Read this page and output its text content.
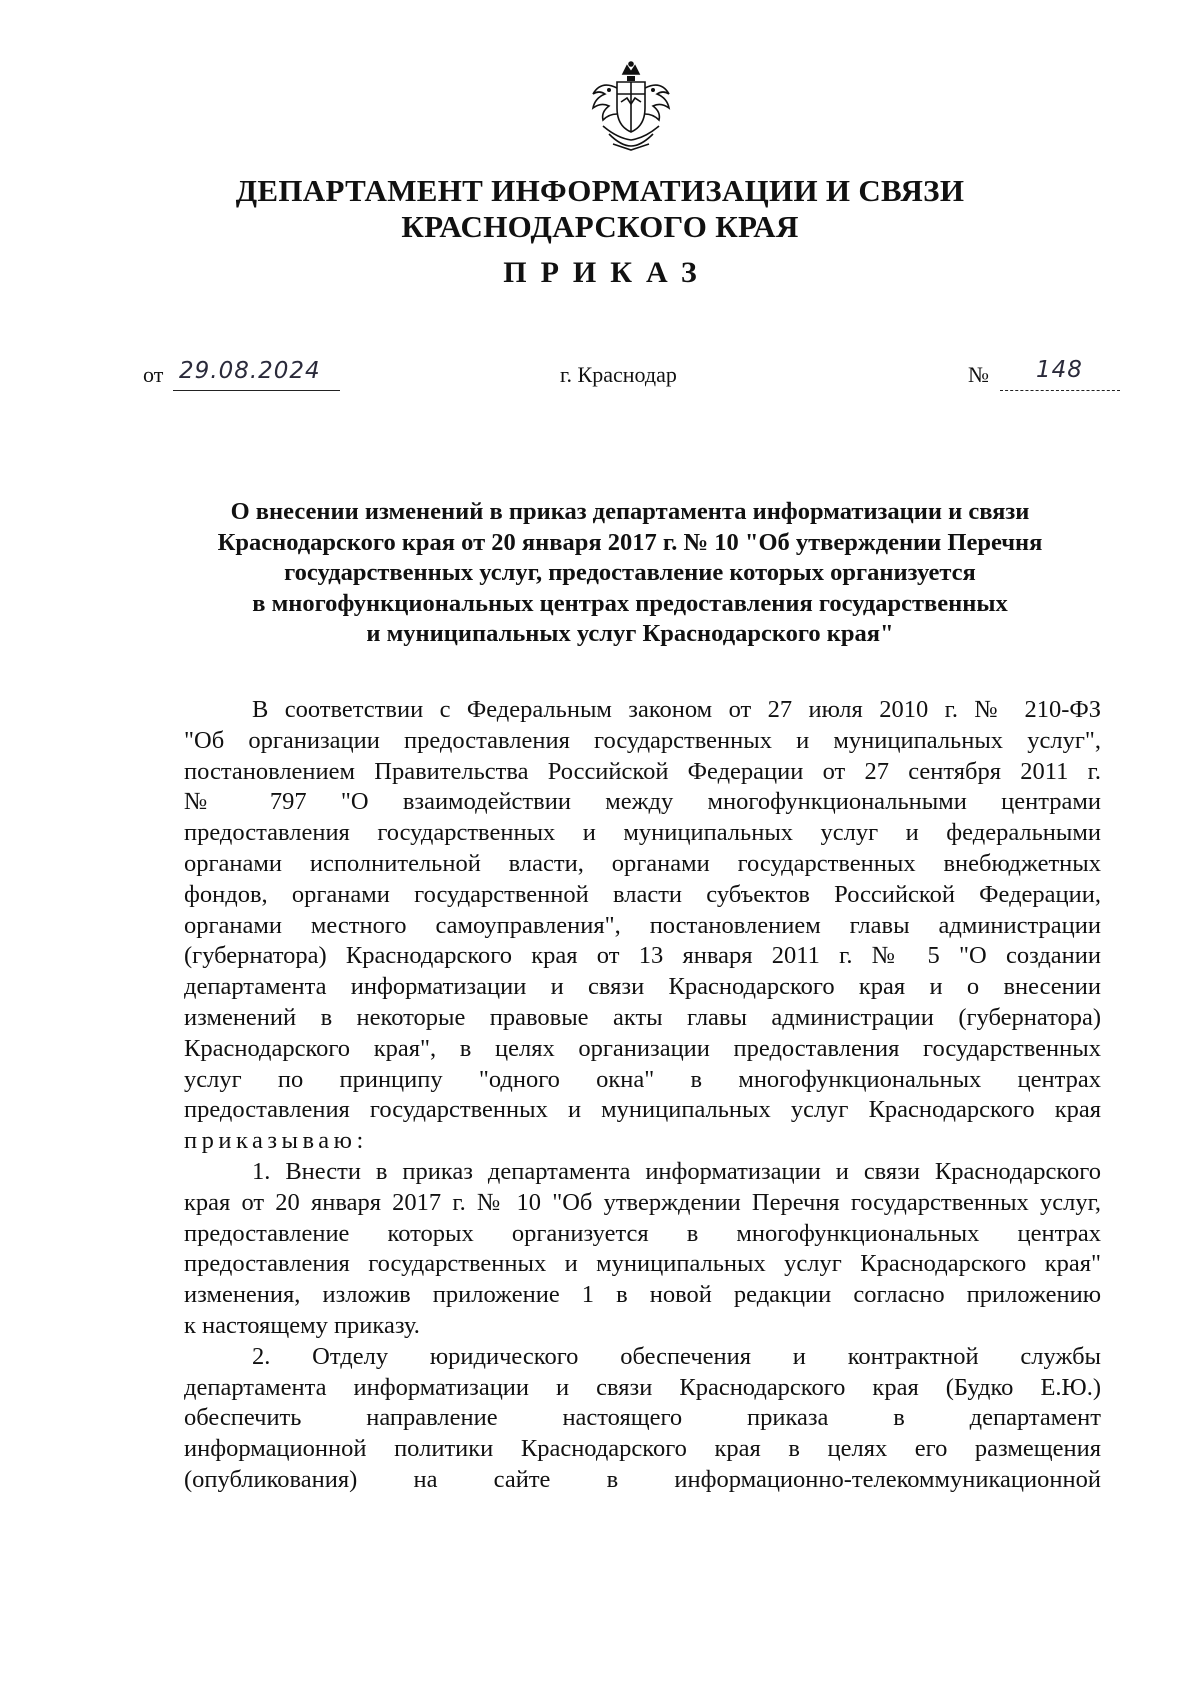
ДЕПАРТАМЕНТ ИНФОРМАТИЗАЦИИ И СВЯЗИ
КРАСНОДАРСКОГО КРАЯ
ПРИКАЗ
от 29.08.2024	г. Краснодар	№ 148
О внесении изменений в приказ департамента информатизации и связи
Краснодарского края от 20 января 2017 г. № 10 "Об утверждении Перечня
государственных услуг, предоставление которых организуется
в многофункциональных центрах предоставления государственных
и муниципальных услуг Краснодарского края"
В соответствии с Федеральным законом от 27 июля 2010 г. № 210-ФЗ
"Об организации предоставления государственных и муниципальных услуг",
постановлением Правительства Российской Федерации от 27 сентября 2011 г.
№ 797 "О взаимодействии между многофункциональными центрами
предоставления государственных и муниципальных услуг и федеральными
органами исполнительной власти, органами государственных внебюджетных
фондов, органами государственной власти субъектов Российской Федерации,
органами местного самоуправления", постановлением главы администрации
(губернатора) Краснодарского края от 13 января 2011 г. № 5 "О создании
департамента информатизации и связи Краснодарского края и о внесении
изменений в некоторые правовые акты главы администрации (губернатора)
Краснодарского края", в целях организации предоставления государственных
услуг по принципу "одного окна" в многофункциональных центрах
предоставления государственных и муниципальных услуг Краснодарского края
приказываю:
1. Внести в приказ департамента информатизации и связи Краснодарского
края от 20 января 2017 г. № 10 "Об утверждении Перечня государственных услуг,
предоставление которых организуется в многофункциональных центрах
предоставления государственных и муниципальных услуг Краснодарского края"
изменения, изложив приложение 1 в новой редакции согласно приложению
к настоящему приказу.
2. Отделу юридического обеспечения и контрактной службы
департамента информатизации и связи Краснодарского края (Будко Е.Ю.)
обеспечить направление настоящего приказа в департамент
информационной политики Краснодарского края в целях его размещения
(опубликования) на сайте в информационно-телекоммуникационной
